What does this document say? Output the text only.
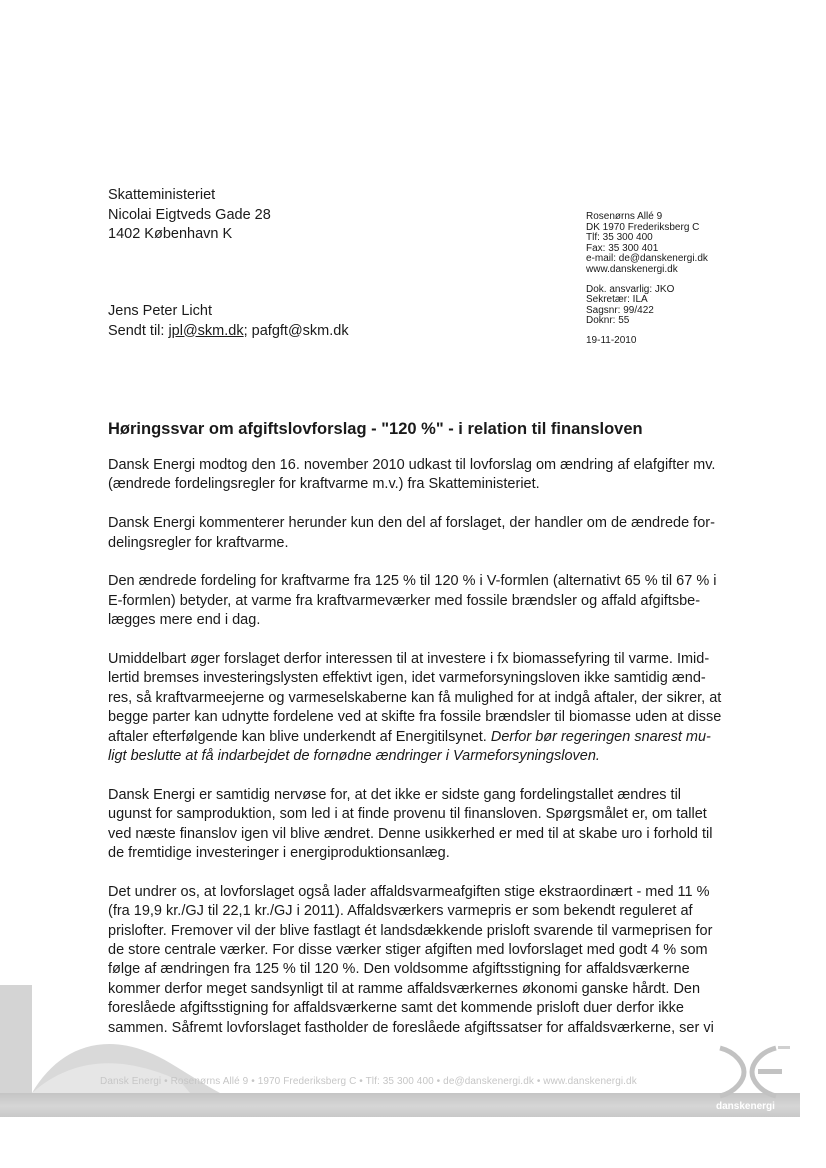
Skatteministeriet
Nicolai Eigtveds Gade 28
1402 København K
Jens Peter Licht
Sendt til: jpl@skm.dk; pafgft@skm.dk
Rosenørns Allé 9
DK 1970 Frederiksberg C
Tlf: 35 300 400
Fax: 35 300 401
e-mail: de@danskenergi.dk
www.danskenergi.dk
Dok. ansvarlig: JKO
Sekretær: ILA
Sagsnr: 99/422
Doknr: 55
19-11-2010
Høringssvar om afgiftslovforslag - "120 %" - i relation til finansloven

Dansk Energi modtog den 16. november 2010 udkast til lovforslag om ændring af elafgifter mv.
(ændrede fordelingsregler for kraftvarme m.v.) fra Skatteministeriet.

Dansk Energi kommenterer herunder kun den del af forslaget, der handler om de ændrede for-
delingsregler for kraftvarme.

Den ændrede fordeling for kraftvarme fra 125 % til 120 % i V-formlen (alternativt 65 % til 67 % i
E-formlen) betyder, at varme fra kraftvarmeværker med fossile brændsler og affald afgiftsbe-
lægges mere end i dag.

Umiddelbart øger forslaget derfor interessen til at investere i fx biomassefyring til varme. Imid-
lertid bremses investeringslysten effektivt igen, idet varmeforsyningsloven ikke samtidig ænd-
res, så kraftvarmeejerne og varmeselskaberne kan få mulighed for at indgå aftaler, der sikrer, at
begge parter kan udnytte fordelene ved at skifte fra fossile brændsler til biomasse uden at disse
aftaler efterfølgende kan blive underkendt af Energitilsynet. Derfor bør regeringen snarest mu-
ligt beslutte at få indarbejdet de fornødne ændringer i Varmeforsyningsloven.

Dansk Energi er samtidig nervøse for, at det ikke er sidste gang fordelingstallet ændres til
ugunst for samproduktion, som led i at finde provenu til finansloven. Spørgsmålet er, om tallet
ved næste finanslov igen vil blive ændret. Denne usikkerhed er med til at skabe uro i forhold til
de fremtidige investeringer i energiproduktionsanlæg.

Det undrer os, at lovforslaget også lader affaldsvarmeafgiften stige ekstraordinært - med 11 %
(fra 19,9 kr./GJ til 22,1 kr./GJ i 2011). Affaldsværkers varmepris er som bekendt reguleret af
prislofter. Fremover vil der blive fastlagt ét landsdækkende prisloft svarende til varmeprisen for
de store centrale værker. For disse værker stiger afgiften med lovforslaget med godt 4 % som
følge af ændringen fra 125 % til 120 %. Den voldsomme afgiftsstigning for affaldsværkerne
kommer derfor meget sandsynligt til at ramme affaldsværkernes økonomi ganske hårdt. Den
foreslåede afgiftsstigning for affaldsværkerne samt det kommende prisloft duer derfor ikke
sammen. Såfremt lovforslaget fastholder de foreslåede afgiftssatser for affaldsværkerne, ser vi

Dansk Energi • Rosenørns Allé 9 • 1970 Frederiksberg C • Tlf: 35 300 400 • de@danskenergi.dk • www.danskenergi.dk
danskenergi
